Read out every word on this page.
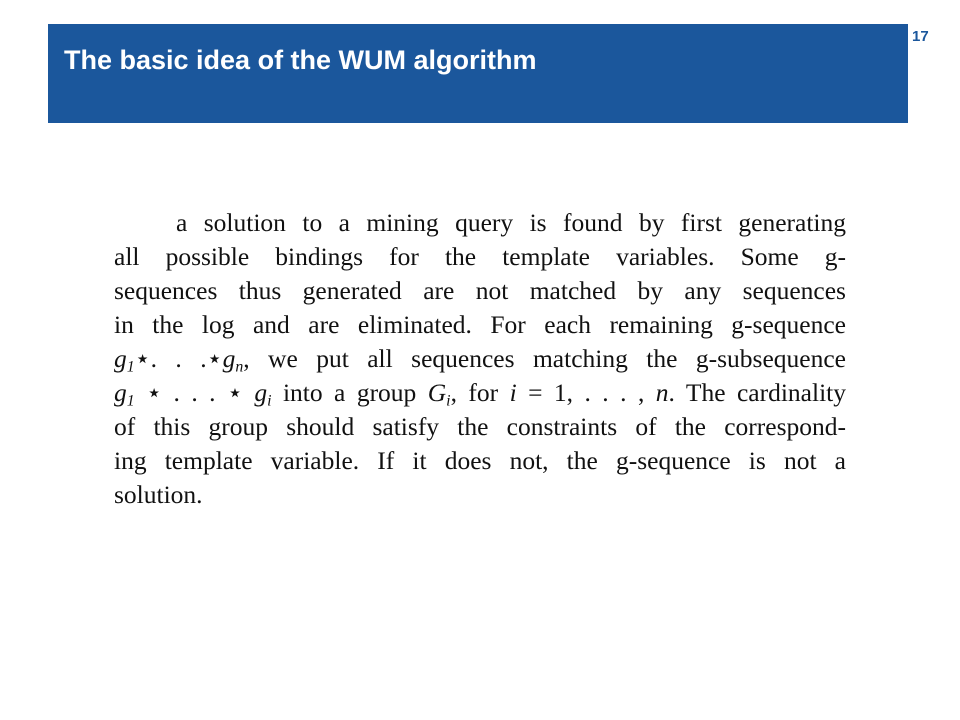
The basic idea of the WUM algorithm
17
a solution to a mining query is found by first generating
all possible bindings for the template variables. Some g-
sequences thus generated are not matched by any sequences
in the log and are eliminated. For each remaining g-sequence
$g_1⋆$. . $.⋆g_n$, we put all sequences matching the g-subsequence
$g_1$ ⋆ . . . ⋆ $g_i$ into a group $G_i$, for i = 1, . . . , n. The cardinality
of this group should satisfy the constraints of the correspond-
ing template variable. If it does not, the g-sequence is not a
solution.
